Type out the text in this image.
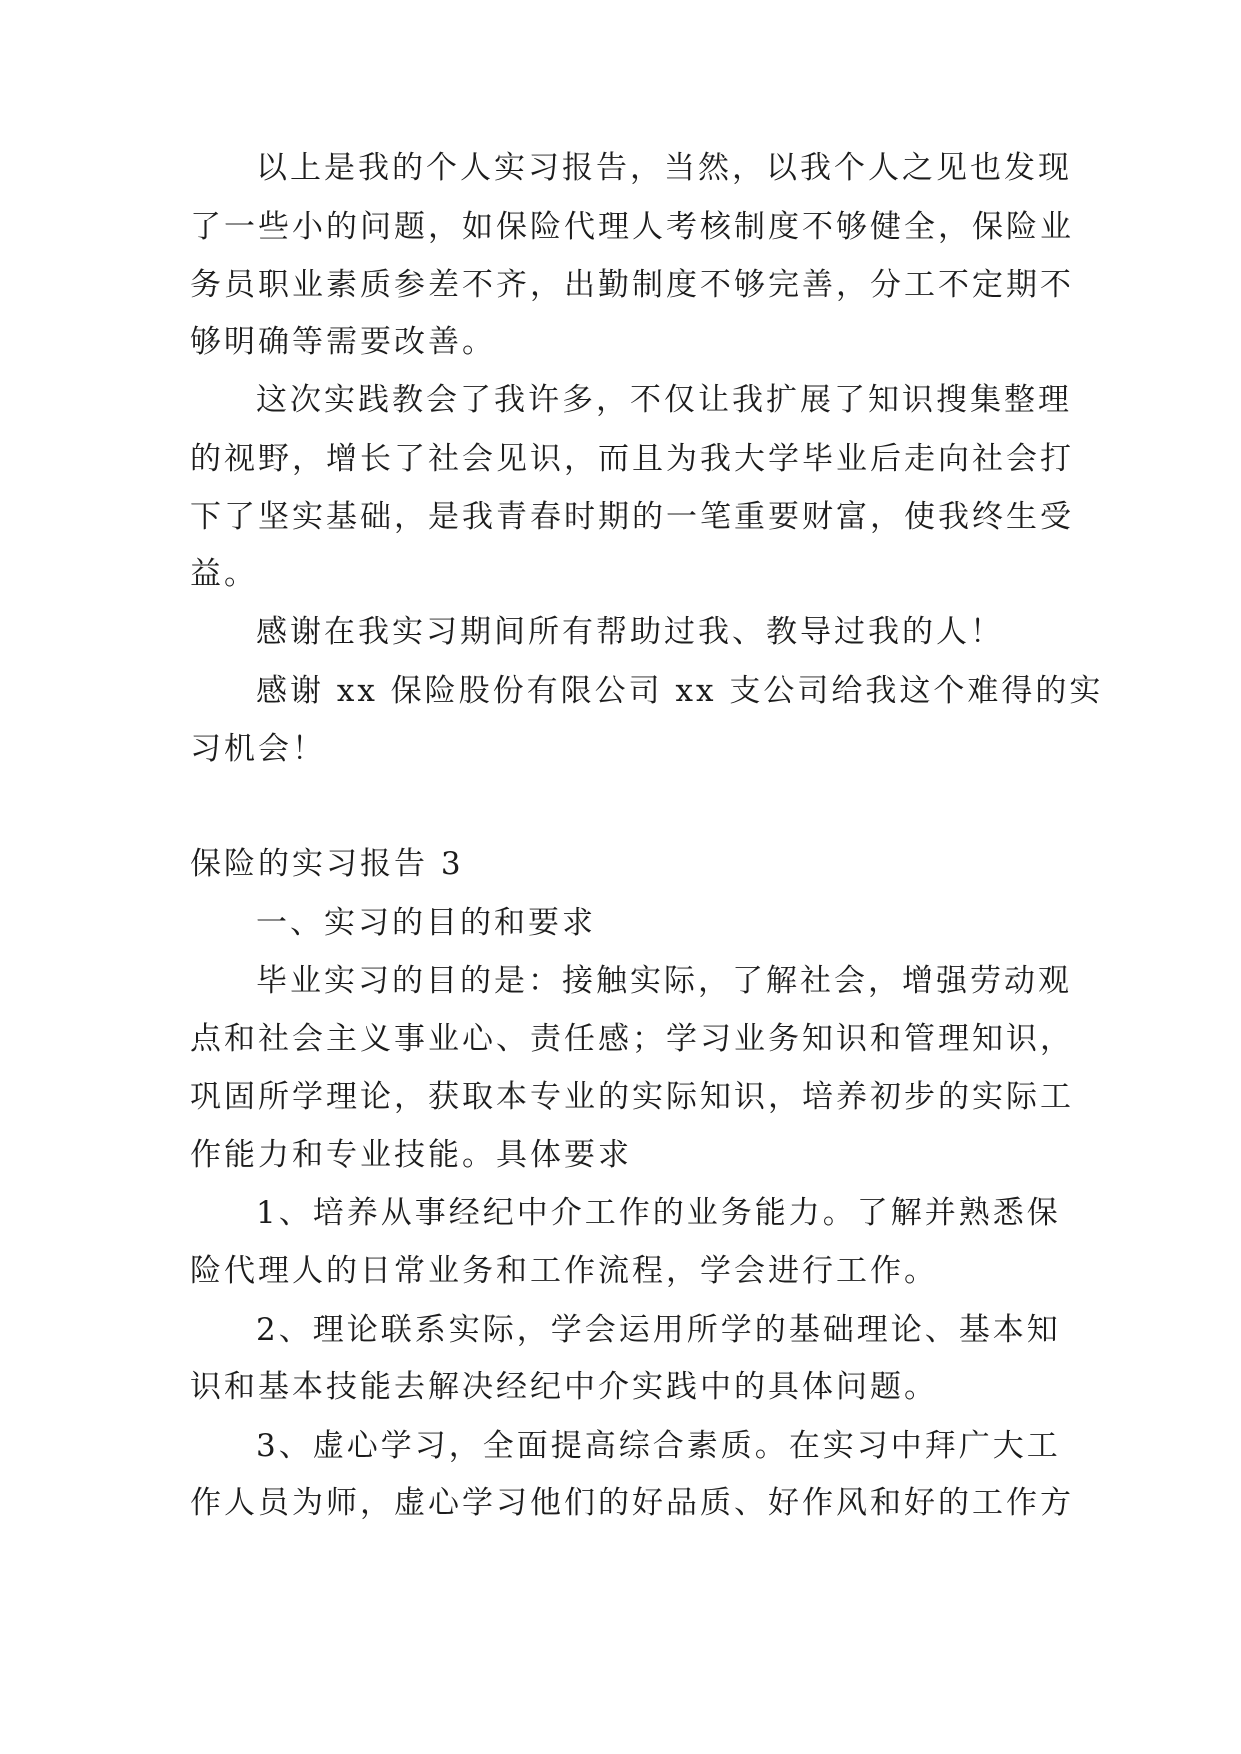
以上是我的个人实习报告，当然，以我个人之见也发现
了一些小的问题，如保险代理人考核制度不够健全，保险业
务员职业素质参差不齐，出勤制度不够完善，分工不定期不
够明确等需要改善。
这次实践教会了我许多，不仅让我扩展了知识搜集整理
的视野，增长了社会见识，而且为我大学毕业后走向社会打
下了坚实基础，是我青春时期的一笔重要财富，使我终生受
益。
感谢在我实习期间所有帮助过我、教导过我的人！
感谢 xx 保险股份有限公司 xx 支公司给我这个难得的实
习机会！
保险的实习报告 3
一、实习的目的和要求
毕业实习的目的是：接触实际，了解社会，增强劳动观
点和社会主义事业心、责任感；学习业务知识和管理知识，
巩固所学理论，获取本专业的实际知识，培养初步的实际工
作能力和专业技能。具体要求
1、培养从事经纪中介工作的业务能力。了解并熟悉保
险代理人的日常业务和工作流程，学会进行工作。
2、理论联系实际，学会运用所学的基础理论、基本知
识和基本技能去解决经纪中介实践中的具体问题。
3、虚心学习，全面提高综合素质。在实习中拜广大工
作人员为师，虚心学习他们的好品质、好作风和好的工作方
